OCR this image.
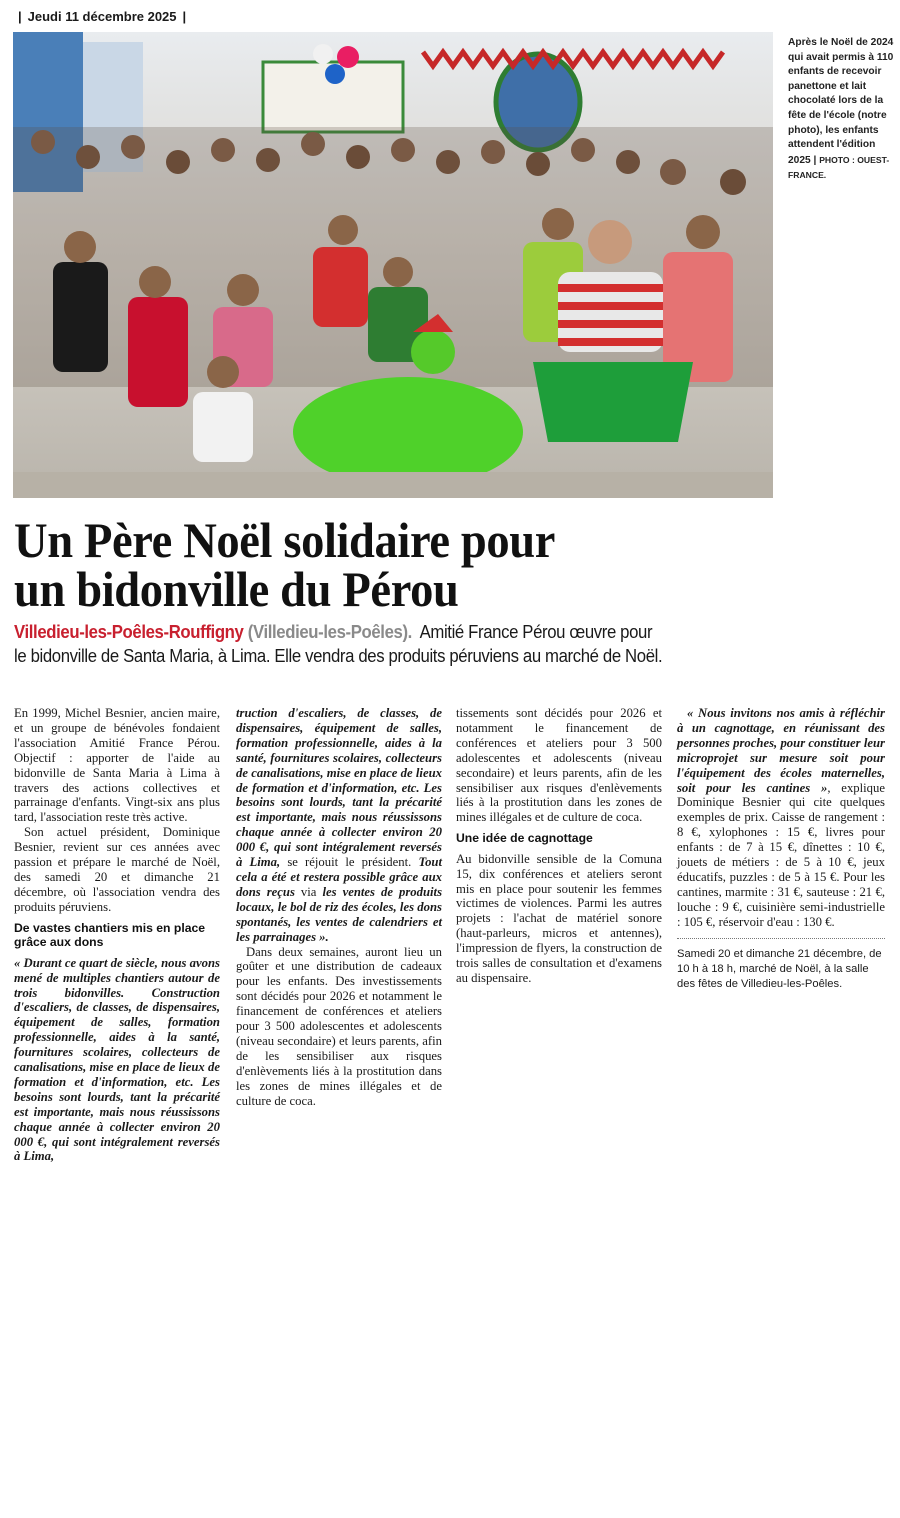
| Jeudi 11 décembre 2025 |
Après le Noël de 2024 qui avait permis à 110 enfants de recevoir panettone et lait chocolaté lors de la fête de l'école (notre photo), les enfants attendent l'édition 2025 | PHOTO : OUEST-FRANCE.
Un Père Noël solidaire pour
un bidonville du Pérou
Villedieu-les-Poêles-Rouffigny (Villedieu-les-Poêles). Amitié France Pérou œuvre pour
le bidonville de Santa Maria, à Lima. Elle vendra des produits péruviens au marché de Noël.

En 1999, Michel Besnier, ancien maire, et un groupe de bénévoles fondaient l'association Amitié France Pérou. Objectif : apporter de l'aide au bidonville de Santa Maria à Lima à travers des actions collectives et parrainage d'enfants. Vingt-six ans plus tard, l'association reste très active.

Son actuel président, Dominique Besnier, revient sur ces années avec passion et prépare le marché de Noël, des samedi 20 et dimanche 21 décembre, où l'association vendra des produits péruviens.

De vastes chantiers mis en place grâce aux dons

« Durant ce quart de siècle, nous avons mené de multiples chantiers autour de trois bidonvilles. Construction d'escaliers, de classes, de dispensaires, équipement de salles, formation professionnelle, aides à la santé, fournitures scolaires, collecteurs de canalisations, mise en place de lieux de formation et d'information, etc. Les besoins sont lourds, tant la précarité est importante, mais nous réussissons chaque année à collecter environ 20 000 €, qui sont intégralement reversés à Lima,

« Nous invitons nos amis à réfléchir à un cagnottage, en réunissant des personnes proches, pour constituer leur microprojet sur mesure soit pour l'équipement des écoles maternelles, soit pour les cantines », explique Dominique Besnier qui cite quelques exemples de prix. Caisse de rangement : 8 €, xylophones : 15 €, livres pour enfants : de 7 à 15 €, dînettes : 10 €, jouets de métiers : de 5 à 10 €, jeux éducatifs, puzzles : de 5 à 15 €. Pour les cantines, marmite : 31 €, sauteuse : 21 €, louche : 9 €, cuisinière semi-industrielle : 105 €, réservoir d'eau : 130 €.

Samedi 20 et dimanche 21 décembre, de 10 h à 18 h, marché de Noël, à la salle des fêtes de Villedieu-les-Poêles.

truction d'escaliers, de classes, de dispensaires, équipement de salles, formation professionnelle, aides à la santé, fournitures scolaires, collecteurs de canalisations, mise en place de lieux de formation et d'information, etc. Les besoins sont lourds, tant la précarité est importante, mais nous réussissons chaque année à collecter environ 20 000 €, qui sont intégralement reversés à Lima, se réjouit le président. Tout cela a été et restera possible grâce aux dons reçus via les ventes de produits locaux, le bol de riz des écoles, les dons spontanés, les ventes de calendriers et les parrainages ».

Dans deux semaines, auront lieu un goûter et une distribution de cadeaux pour les enfants. Des investissements sont décidés pour 2026 et notamment le financement de conférences et ateliers pour 3 500 adolescentes et adolescents (niveau secondaire) et leurs parents, afin de les sensibiliser aux risques d'enlèvements liés à la prostitution dans les zones de mines illégales et de culture de coca.

tissements sont décidés pour 2026 et notamment le financement de conférences et ateliers pour 3 500 adolescentes et adolescents (niveau secondaire) et leurs parents, afin de les sensibiliser aux risques d'enlèvements liés à la prostitution dans les zones de mines illégales et de culture de coca.

Une idée de cagnottage

Au bidonville sensible de la Comuna 15, dix conférences et ateliers seront mis en place pour soutenir les femmes victimes de violences. Parmi les autres projets : l'achat de matériel sonore (haut-parleurs, micros et antennes), l'impression de flyers, la construction de trois salles de consultation et d'examens au dispensaire.
